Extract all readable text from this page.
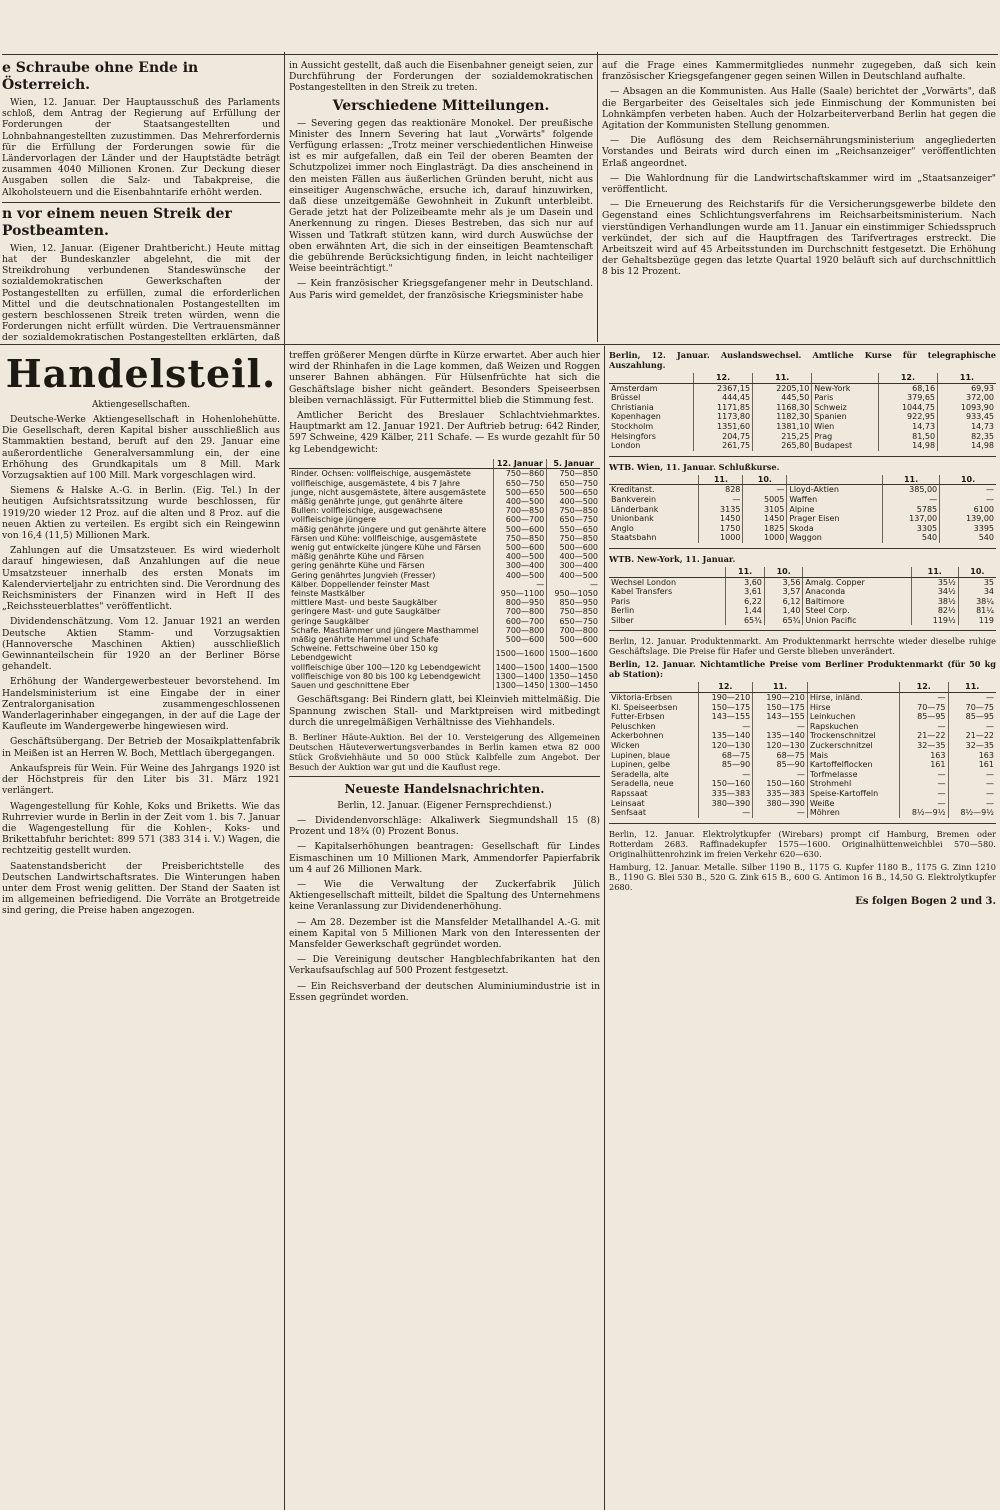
e Schraube ohne Ende in Österreich.

Wien, 12. Januar. Der Hauptausschuß des Parlaments schloß, dem Antrag der Regierung auf Erfüllung der Forderungen der Staatsangestellten und Lohnbahnangestellten zuzustimmen. Das Mehrerfordernis für die Erfüllung der Forderungen sowie für die Ländervorlagen der Länder und der Hauptstädte beträgt zusammen 4040 Millionen Kronen. Zur Deckung dieser Ausgaben sollen die Salz- und Tabakpreise, die Alkoholsteuern und die Eisenbahntarife erhöht werden.

n vor einem neuen Streik der Postbeamten.

Wien, 12. Januar. (Eigener Drahtbericht.) Heute mittag hat der Bundeskanzler abgelehnt, die mit der Streikdrohung verbundenen Standeswünsche der sozialdemokratischen Gewerkschaften der Postangestellten zu erfüllen, zumal die erforderlichen Mittel und die deutschnationalen Postangestellten im gestern beschlossenen Streik treten würden, wenn die Forderungen nicht erfüllt würden. Die Vertrauensmänner der sozialdemokratischen Postangestellten erklärten, daß

in Aussicht gestellt, daß auch die Eisenbahner geneigt seien, zur Durchführung der Forderungen der sozialdemokratischen Postangestellten in den Streik zu treten.

Verschiedene Mitteilungen.

— Severing gegen das reaktionäre Monokel. Der preußische Minister des Innern Severing hat laut „Vorwärts" folgende Verfügung erlassen: „Trotz meiner verschiedentlichen Hinweise ist es mir aufgefallen, daß ein Teil der oberen Beamten der Schutzpolizei immer noch Einglasträgt. Da dies anscheinend in den meisten Fällen aus äußerlichen Gründen beruht, nicht aus einseitiger Augenschwäche, ersuche ich, darauf hinzuwirken, daß diese unzeitgemäße Gewohnheit in Zukunft unterbleibt. Gerade jetzt hat der Polizeibeamte mehr als je um Dasein und Anerkennung zu ringen. Dieses Bestreben, das sich nur auf Wissen und Tatkraft stützen kann, wird durch Auswüchse der oben erwähnten Art, die sich in der einseitigen Beamtenschaft die gebührende Berücksichtigung finden, in leicht nachteiliger Weise beeinträchtigt."

— Kein französischer Kriegsgefangener mehr in Deutschland. Aus Paris wird gemeldet, der französische Kriegsminister habe

auf die Frage eines Kammermitgliedes nunmehr zugegeben, daß sich kein französischer Kriegsgefangener gegen seinen Willen in Deutschland aufhalte.

— Absagen an die Kommunisten. Aus Halle (Saale) berichtet der „Vorwärts", daß die Bergarbeiter des Geiseltales sich jede Einmischung der Kommunisten bei Lohnkämpfen verbeten haben. Auch der Holzarbeiterverband Berlin hat gegen die Agitation der Kommunisten Stellung genommen.

— Die Auflösung des dem Reichsernährungsministerium angegliederten Vorstandes und Beirats wird durch einen im „Reichsanzeiger" veröffentlichten Erlaß angeordnet.

— Die Wahlordnung für die Landwirtschaftskammer wird im „Staatsanzeiger" veröffentlicht.

— Die Erneuerung des Reichstarifs für die Versicherungsgewerbe bildete den Gegenstand eines Schlichtungsverfahrens im Reichsarbeitsministerium. Nach vierstündigen Verhandlungen wurde am 11. Januar ein einstimmiger Schiedsspruch verkündet, der sich auf die Hauptfragen des Tarifvertrages erstreckt. Die Arbeitszeit wird auf 45 Arbeitsstunden im Durchschnitt festgesetzt. Die Erhöhung der Gehaltsbezüge gegen das letzte Quartal 1920 beläuft sich auf durchschnittlich 8 bis 12 Prozent.

Handelsteil.
Aktiengesellschaften.

Deutsche-Werke Aktiengesellschaft in Hohenlohehütte. Die Gesellschaft, deren Kapital bisher ausschließlich aus Stammaktien bestand, beruft auf den 29. Januar eine außerordentliche Generalversammlung ein, der eine Erhöhung des Grundkapitals um 8 Mill. Mark Vorzugsaktien auf 100 Mill. Mark vorgeschlagen wird.

Siemens & Halske A.-G. in Berlin. (Eig. Tel.) In der heutigen Aufsichtsratssitzung wurde beschlossen, für 1919/20 wieder 12 Proz. auf die alten und 8 Proz. auf die neuen Aktien zu verteilen. Es ergibt sich ein Reingewinn von 16,4 (11,5) Millionen Mark.

Zahlungen auf die Umsatzsteuer. Es wird wiederholt darauf hingewiesen, daß Anzahlungen auf die neue Umsatzsteuer innerhalb des ersten Monats im Kalendervierteljahr zu entrichten sind. Die Verordnung des Reichsministers der Finanzen wird in Heft II des „Reichssteuerblattes" veröffentlicht.

Dividendenschätzung. Vom 12. Januar 1921 an werden Deutsche Aktien Stamm- und Vorzugsaktien (Hannoversche Maschinen Aktien) ausschließlich Gewinnanteilschein für 1920 an der Berliner Börse gehandelt.

Erhöhung der Wandergewerbesteuer bevorstehend. Im Handelsministerium ist eine Eingabe der in einer Zentralorganisation zusammengeschlossenen Wanderlagerinhaber eingegangen, in der auf die Lage der Kaufleute im Wandergewerbe hingewiesen wird.

Geschäftsübergang. Der Betrieb der Mosaikplattenfabrik in Meißen ist an Herren W. Boch, Mettlach übergegangen.

Ankaufspreis für Wein. Für Weine des Jahrgangs 1920 ist der Höchstpreis für den Liter bis 31. März 1921 verlängert.

Wagengestellung für Kohle, Koks und Briketts. Wie das Ruhrrevier wurde in Berlin in der Zeit vom 1. bis 7. Januar die Wagengestellung für die Kohlen-, Koks- und Brikettabfuhr berichtet: 899 571 (383 314 i. V.) Wagen, die rechtzeitig gestellt wurden.

Saatenstandsbericht der Preisberichtstelle des Deutschen Landwirtschaftsrates. Die Winterungen haben unter dem Frost wenig gelitten. Der Stand der Saaten ist im allgemeinen befriedigend. Die Vorräte an Brotgetreide sind gering, die Preise haben angezogen.

treffen größerer Mengen dürfte in Kürze erwartet. Aber auch hier wird der Rhinhafen in die Lage kommen, daß Weizen und Roggen unserer Bahnen abhängen. Für Hülsenfrüchte hat sich die Geschäftslage bisher nicht geändert. Besonders Speiseerbsen bleiben vernachlässigt. Für Futtermittel blieb die Stimmung fest.

Amtlicher Bericht des Breslauer Schlachtviehmarktes. Hauptmarkt am 12. Januar 1921. Der Auftrieb betrug: 642 Rinder, 597 Schweine, 429 Kälber, 211 Schafe. — Es wurde gezahlt für 50 kg Lebendgewicht:

	12. Januar	5. Januar
Rinder. Ochsen: vollfleischige, ausgemästete	750—860	750—850
vollfleischige, ausgemästete, 4 bis 7 Jahre	650—750	650—750
junge, nicht ausgemästete, ältere ausgemästete	500—650	500—650
mäßig genährte junge, gut genährte ältere	400—500	400—500
Bullen: vollfleischige, ausgewachsene	700—850	750—850
vollfleischige jüngere	600—700	650—750
mäßig genährte jüngere und gut genährte ältere	500—600	550—650
Färsen und Kühe: vollfleischige, ausgemästete	750—850	750—850
wenig gut entwickelte jüngere Kühe und Färsen	500—600	500—600
mäßig genährte Kühe und Färsen	400—500	400—500
gering genährte Kühe und Färsen	300—400	300—400
Gering genährtes Jungvieh (Fresser)	400—500	400—500
Kälber. Doppellender feinster Mast	—	—
feinste Mastkälber	950—1100	950—1050
mittlere Mast- und beste Saugkälber	800—950	850—950
geringere Mast- und gute Saugkälber	700—800	750—850
geringe Saugkälber	600—700	650—750
Schafe. Mastlämmer und jüngere Masthammel	700—800	700—800
mäßig genährte Hammel und Schafe	500—600	500—600
Schweine. Fettschweine über 150 kg Lebendgewicht	1500—1600	1500—1600
vollfleischige über 100—120 kg Lebendgewicht	1400—1500	1400—1500
vollfleischige von 80 bis 100 kg Lebendgewicht	1300—1400	1350—1450
Sauen und geschnittene Eber	1300—1450	1300—1450

Geschäftsgang: Bei Rindern glatt, bei Kleinvieh mittelmäßig. Die Spannung zwischen Stall- und Marktpreisen wird mitbedingt durch die unregelmäßigen Verhältnisse des Viehhandels.

B. Berliner Häute-Auktion. Bei der 10. Versteigerung des Allgemeinen Deutschen Häuteverwertungsverbandes in Berlin kamen etwa 82 000 Stück Großviehhäute und 50 000 Stück Kalbfelle zum Angebot. Der Besuch der Auktion war gut und die Kauflust rege.

Neueste Handelsnachrichten.
Berlin, 12. Januar. (Eigener Fernsprechdienst.)

— Dividendenvorschläge: Alkaliwerk Siegmundshall 15 (8) Prozent und 18¾ (0) Prozent Bonus.

— Kapitalserhöhungen beantragen: Gesellschaft für Lindes Eismaschinen um 10 Millionen Mark, Ammendorfer Papierfabrik um 4 auf 26 Millionen Mark.

— Wie die Verwaltung der Zuckerfabrik Jülich Aktiengesellschaft mitteilt, bildet die Spaltung des Unternehmens keine Veranlassung zur Dividendenerhöhung.

— Am 28. Dezember ist die Mansfelder Metallhandel A.-G. mit einem Kapital von 5 Millionen Mark von den Interessenten der Mansfelder Gewerkschaft gegründet worden.

— Die Vereinigung deutscher Hangblechfabrikanten hat den Verkaufsaufschlag auf 500 Prozent festgesetzt.

— Ein Reichsverband der deutschen Aluminiumindustrie ist in Essen gegründet worden.

Berlin, 12. Januar. Auslandswechsel. Amtliche Kurse für telegraphische Auszahlung.

	12.	11.		12.	11.
Amsterdam	2367,15	2205,10	New-York	68,16	69,93
Brüssel	444,45	445,50	Paris	379,65	372,00
Christiania	1171,85	1168,30	Schweiz	1044,75	1093,90
Kopenhagen	1173,80	1182,30	Spanien	922,95	933,45
Stockholm	1351,60	1381,10	Wien	14,73	14,73
Helsingfors	204,75	215,25	Prag	81,50	82,35
London	261,75	265,80	Budapest	14,98	14,98

WTB. Wien, 11. Januar. Schlußkurse.

	11.	10.		11.	10.
Kreditanst.	828	—	Lloyd-Aktien	385,00	—
Bankverein	—	5005	Waffen	—	—
Länderbank	3135	3105	Alpine	5785	6100
Unionbank	1450	1450	Prager Eisen	137,00	139,00
Anglo	1750	1825	Skoda	3305	3395
Staatsbahn	1000	1000	Waggon	540	540

WTB. New-York, 11. Januar.

	11.	10.		11.	10.
Wechsel London	3,60	3,56	Amalg. Copper	35½	35
Kabel Transfers	3,61	3,57	Anaconda	34½	34
Paris	6,22	6,12	Baltimore	38½	38¼
Berlin	1,44	1,40	Steel Corp.	82½	81¼
Silber	65¾	65¾	Union Pacific	119½	119

Berlin, 12. Januar. Produktenmarkt. Am Produktenmarkt herrschte wieder dieselbe ruhige Geschäftslage. Die Preise für Hafer und Gerste blieben unverändert.

Berlin, 12. Januar. Nichtamtliche Preise vom Berliner Produktenmarkt (für 50 kg ab Station):

	12.	11.		12.	11.
Viktoria-Erbsen	190—210	190—210	Hirse, inländ.	—	—
Kl. Speiseerbsen	150—175	150—175	Hirse	70—75	70—75
Futter-Erbsen	143—155	143—155	Leinkuchen	85—95	85—95
Peluschken	—	—	Rapskuchen	—	—
Ackerbohnen	135—140	135—140	Trockenschnitzel	21—22	21—22
Wicken	120—130	120—130	Zuckerschnitzel	32—35	32—35
Lupinen, blaue	68—75	68—75	Mais	163	163
Lupinen, gelbe	85—90	85—90	Kartoffelflocken	161	161
Seradella, alte	—	—	Torfmelasse	—	—
Seradella, neue	150—160	150—160	Strohmehl	—	—
Rapssaat	335—383	335—383	Speise-Kartoffeln	—	—
Leinsaat	380—390	380—390	Weiße	—	—
Senfsaat	—	—	Möhren	8½—9½	8½—9½

Berlin, 12. Januar. Elektrolytkupfer (Wirebars) prompt cif Hamburg, Bremen oder Rotterdam 2683. Raffinadekupfer 1575—1600. Originalhüttenweichblei 570—580. Originalhüttenrohzink im freien Verkehr 620—630.

Hamburg, 12. Januar. Metalle. Silber 1190 B., 1175 G. Kupfer 1180 B., 1175 G. Zinn 1210 B., 1190 G. Blei 530 B., 520 G. Zink 615 B., 600 G. Antimon 16 B., 14,50 G. Elektrolytkupfer 2680.

Es folgen Bogen 2 und 3.
